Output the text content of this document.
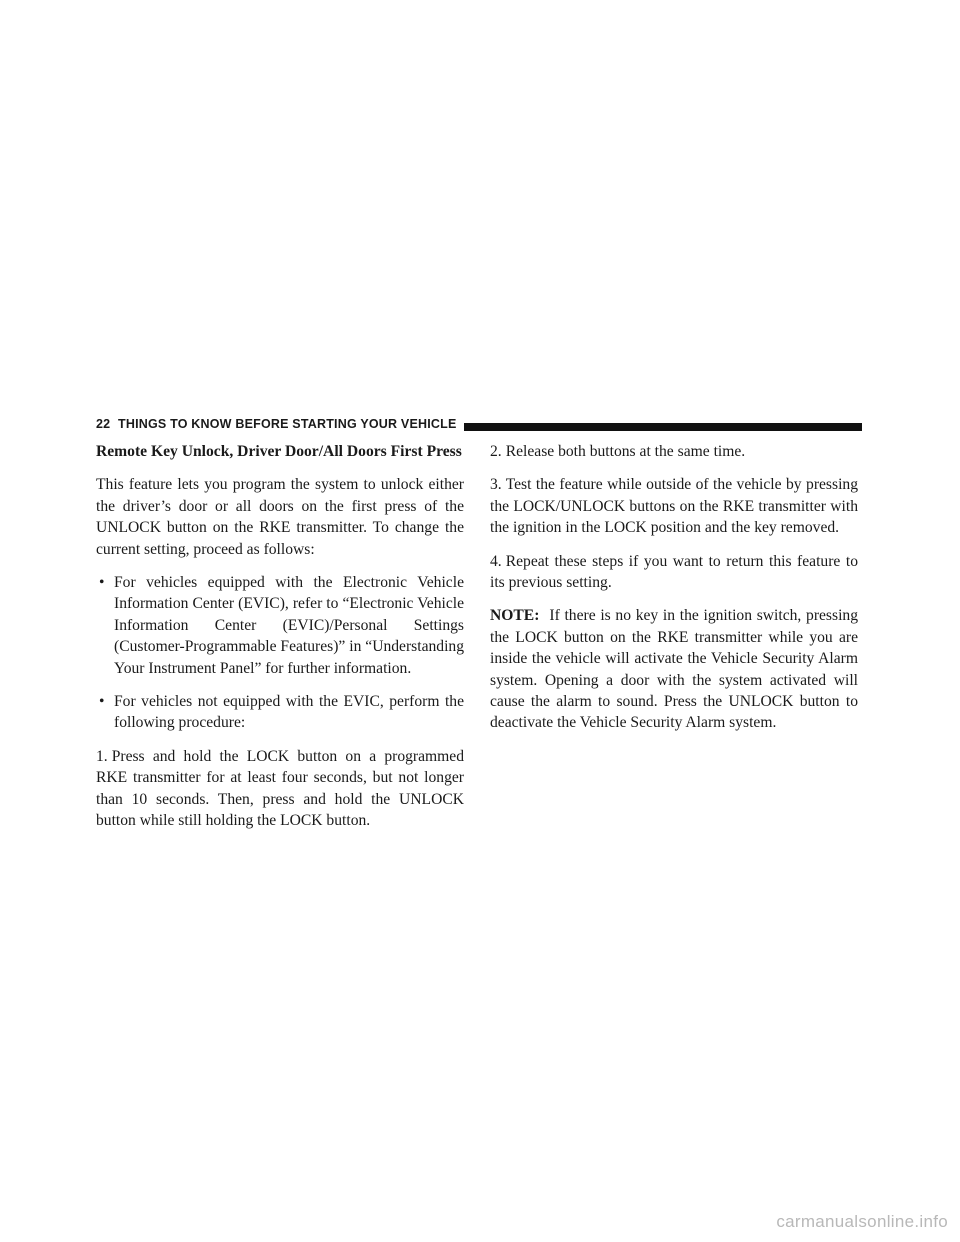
22 THINGS TO KNOW BEFORE STARTING YOUR VEHICLE

Remote Key Unlock, Driver Door/All Doors First Press

This feature lets you program the system to unlock either the driver’s door or all doors on the first press of the UNLOCK button on the RKE transmitter. To change the current setting, proceed as follows:

• For vehicles equipped with the Electronic Vehicle Information Center (EVIC), refer to “Electronic Vehicle Information Center (EVIC)/Personal Settings (Customer-Programmable Features)” in “Understanding Your Instrument Panel” for further information.
• For vehicles not equipped with the EVIC, perform the following procedure:

1. Press and hold the LOCK button on a programmed RKE transmitter for at least four seconds, but not longer than 10 seconds. Then, press and hold the UNLOCK button while still holding the LOCK button.

2. Release both buttons at the same time.

3. Test the feature while outside of the vehicle by pressing the LOCK/UNLOCK buttons on the RKE transmitter with the ignition in the LOCK position and the key removed.

4. Repeat these steps if you want to return this feature to its previous setting.

NOTE: If there is no key in the ignition switch, pressing the LOCK button on the RKE transmitter while you are inside the vehicle will activate the Vehicle Security Alarm system. Opening a door with the system activated will cause the alarm to sound. Press the UNLOCK button to deactivate the Vehicle Security Alarm system.

carmanualsonline.info
